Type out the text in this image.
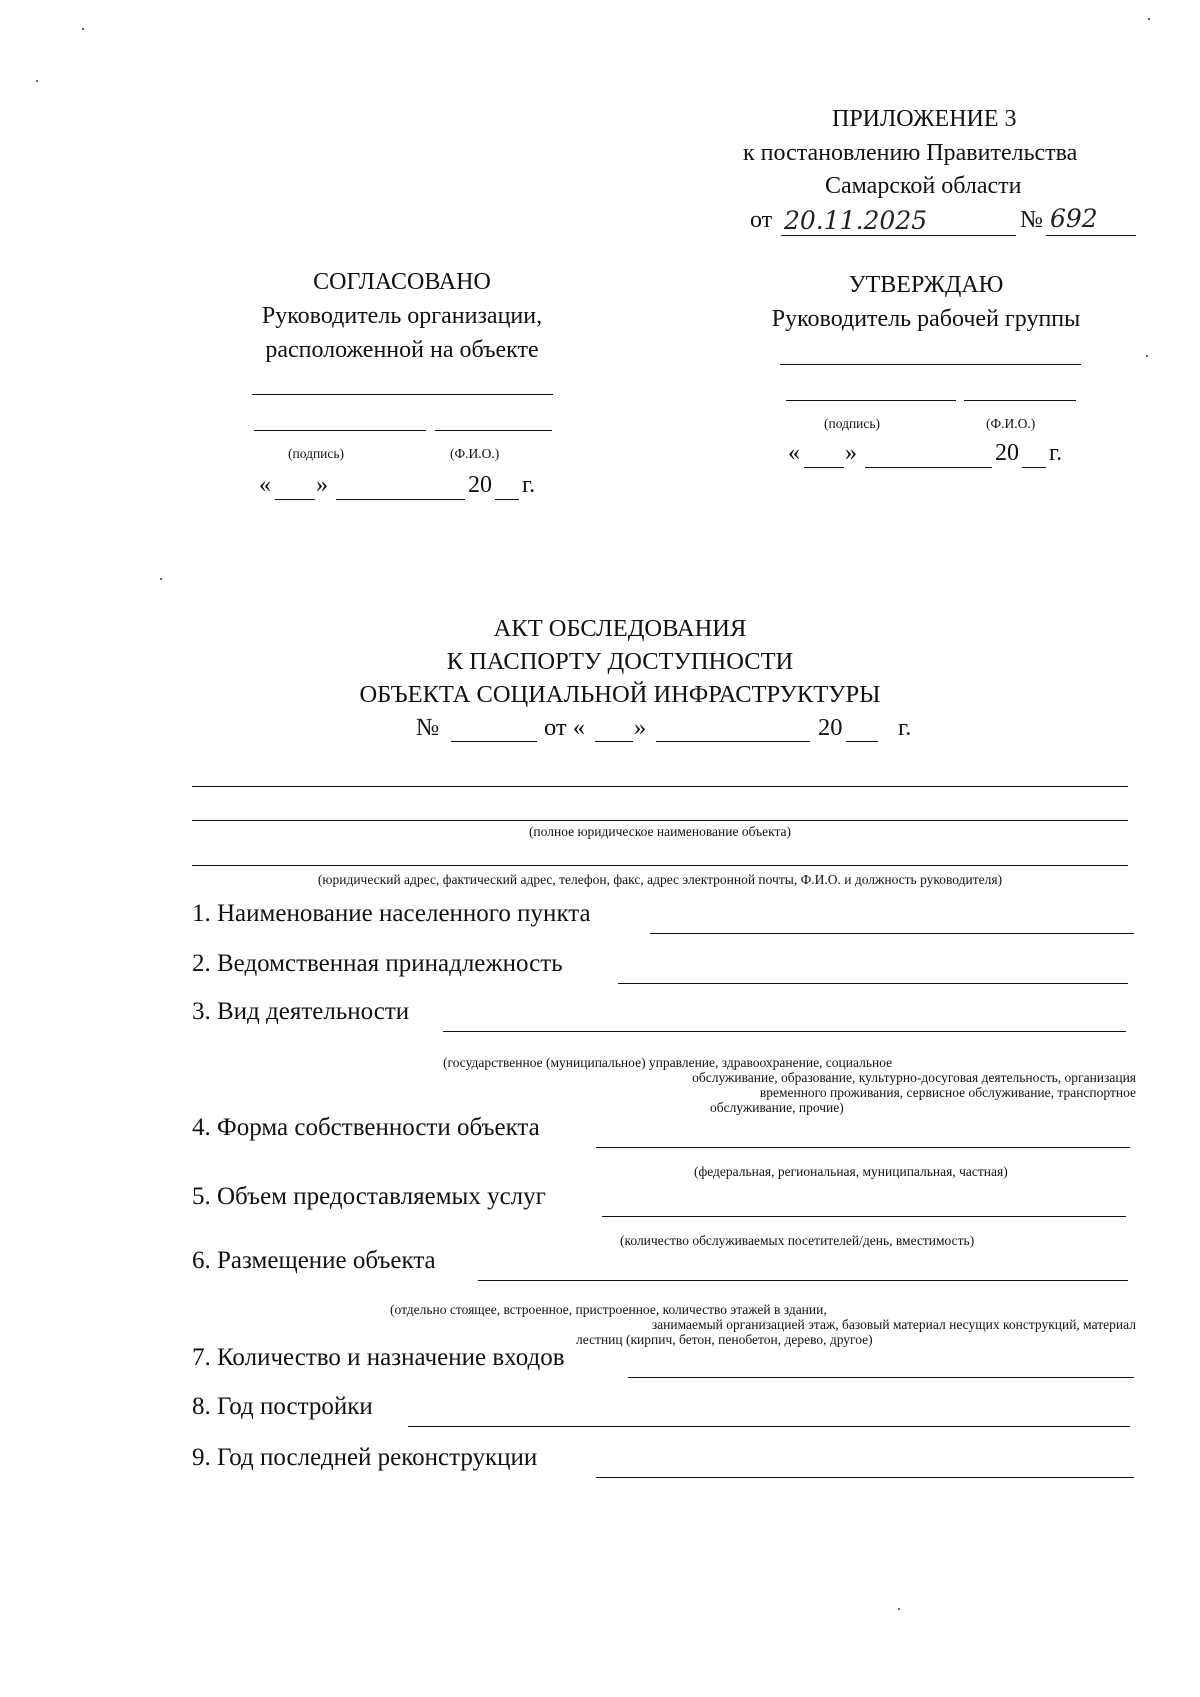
ПРИЛОЖЕНИЕ 3
к постановлению Правительства
Самарской области
от 20.11.2025	№ 692
СОГЛАСОВАНО
Руководитель организации,
расположенной на объекте
(подпись)	(Ф.И.О.)
« »	20 г.
УТВЕРЖДАЮ
Руководитель рабочей группы
(подпись)	(Ф.И.О.)
« »	20 г.
АКТ ОБСЛЕДОВАНИЯ
К ПАСПОРТУ ДОСТУПНОСТИ
ОБЪЕКТА СОЦИАЛЬНОЙ ИНФРАСТРУКТУРЫ
№	от « »	20 г.
(полное юридическое наименование объекта)
(юридический адрес, фактический адрес, телефон, факс, адрес электронной почты, Ф.И.О. и должность руководителя)
1. Наименование населенного пункта
2. Ведомственная принадлежность
3. Вид деятельности
(государственное (муниципальное) управление, здравоохранение, социальное
обслуживание, образование, культурно-досуговая деятельность, организация
временного проживания, сервисное обслуживание, транспортное
обслуживание, прочие)
4. Форма собственности объекта
(федеральная, региональная, муниципальная, частная)
5. Объем предоставляемых услуг
(количество обслуживаемых посетителей/день, вместимость)
6. Размещение объекта
(отдельно стоящее, встроенное, пристроенное, количество этажей в здании,
занимаемый организацией этаж, базовый материал несущих конструкций, материал
лестниц (кирпич, бетон, пенобетон, дерево, другое)
7. Количество и назначение входов
8. Год постройки
9. Год последней реконструкции
